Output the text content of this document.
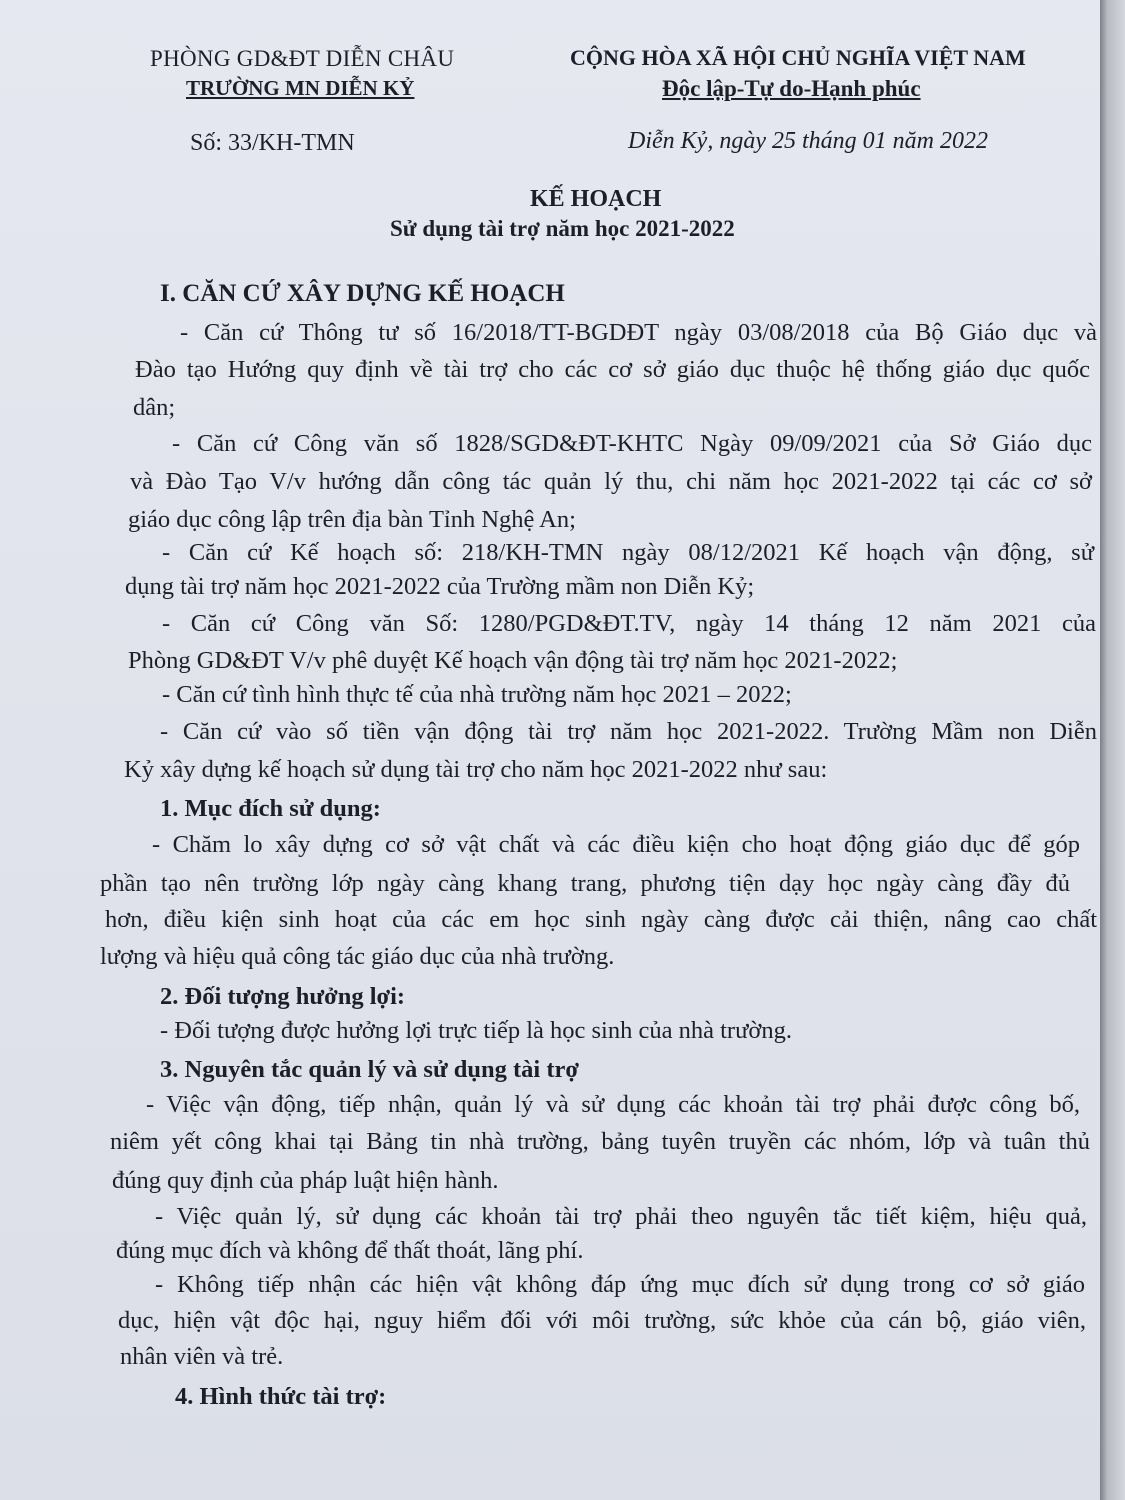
PHÒNG GD&ĐT DIỄN CHÂU
TRƯỜNG MN DIỄN KỶ
CỘNG HÒA XÃ HỘI CHỦ NGHĨA VIỆT NAM
Độc lập-Tự do-Hạnh phúc
Số: 33/KH-TMN	Diễn Kỷ, ngày 25 tháng 01 năm 2022
KẾ HOẠCH
Sử dụng tài trợ năm học 2021-2022
I. CĂN CỨ XÂY DỰNG KẾ HOẠCH
- Căn cứ Thông tư số 16/2018/TT-BGDĐT ngày 03/08/2018 của Bộ Giáo dục và
Đào tạo Hướng quy định về tài trợ cho các cơ sở giáo dục thuộc hệ thống giáo dục quốc
dân;
- Căn cứ Công văn số 1828/SGD&ĐT-KHTC Ngày 09/09/2021 của Sở Giáo dục
và Đào Tạo V/v hướng dẫn công tác quản lý thu, chi năm học 2021-2022 tại các cơ sở
giáo dục công lập trên địa bàn Tỉnh Nghệ An;
- Căn cứ Kế hoạch số: 218/KH-TMN ngày 08/12/2021 Kế hoạch vận động, sử
dụng tài trợ năm học 2021-2022 của Trường mầm non Diễn Kỷ;
- Căn cứ Công văn Số: 1280/PGD&ĐT.TV, ngày 14 tháng 12 năm 2021 của
Phòng GD&ĐT V/v phê duyệt Kế hoạch vận động tài trợ năm học 2021-2022;
- Căn cứ tình hình thực tế của nhà trường năm học 2021 – 2022;
- Căn cứ vào số tiền vận động tài trợ năm học 2021-2022. Trường Mầm non Diễn
Kỷ xây dựng kế hoạch sử dụng tài trợ cho năm học 2021-2022 như sau:
1. Mục đích sử dụng:
- Chăm lo xây dựng cơ sở vật chất và các điều kiện cho hoạt động giáo dục để góp
phần tạo nên trường lớp ngày càng khang trang, phương tiện dạy học ngày càng đầy đủ
hơn, điều kiện sinh hoạt của các em học sinh ngày càng được cải thiện, nâng cao chất
lượng và hiệu quả công tác giáo dục của nhà trường.
2. Đối tượng hưởng lợi:
- Đối tượng được hưởng lợi trực tiếp là học sinh của nhà trường.
3. Nguyên tắc quản lý và sử dụng tài trợ
- Việc vận động, tiếp nhận, quản lý và sử dụng các khoản tài trợ phải được công bố,
niêm yết công khai tại Bảng tin nhà trường, bảng tuyên truyền các nhóm, lớp và tuân thủ
đúng quy định của pháp luật hiện hành.
- Việc quản lý, sử dụng các khoản tài trợ phải theo nguyên tắc tiết kiệm, hiệu quả,
đúng mục đích và không để thất thoát, lãng phí.
- Không tiếp nhận các hiện vật không đáp ứng mục đích sử dụng trong cơ sở giáo
dục, hiện vật độc hại, nguy hiểm đối với môi trường, sức khỏe của cán bộ, giáo viên,
nhân viên và trẻ.
4. Hình thức tài trợ:
